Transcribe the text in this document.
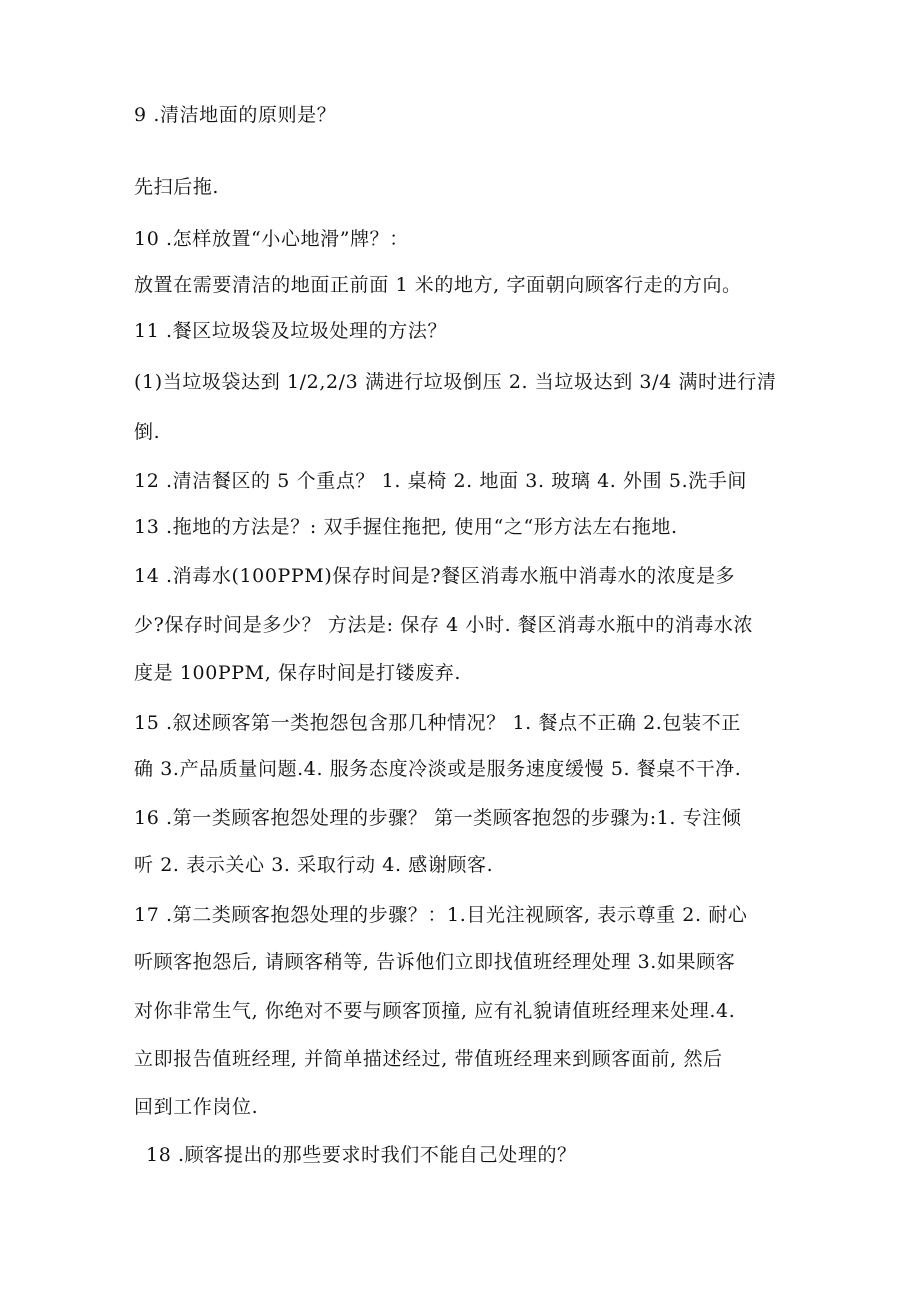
9 .清洁地面的原则是？
先扫后拖.
10 .怎样放置“小心地滑”牌？：
放置在需要清洁的地面正前面 1 米的地方, 字面朝向顾客行走的方向。
11 .餐区垃圾袋及垃圾处理的方法？
(1)当垃圾袋达到 1/2,2/3 满进行垃圾倒压 2. 当垃圾达到 3/4 满时进行清
倒.
12 .清洁餐区的 5 个重点？ 1. 桌椅 2. 地面 3. 玻璃 4. 外围 5.洗手间
13 .拖地的方法是？: 双手握住拖把, 使用“之“形方法左右拖地.
14 .消毒水(100PPM)保存时间是?餐区消毒水瓶中消毒水的浓度是多
少?保存时间是多少？ 方法是: 保存 4 小时. 餐区消毒水瓶中的消毒水浓
度是 100PPM, 保存时间是打镂废弃.
15 .叙述顾客第一类抱怨包含那几种情况？ 1. 餐点不正确 2.包装不正
确 3.产品质量问题.4. 服务态度冷淡或是服务速度缓慢 5. 餐桌不干净.
16 .第一类顾客抱怨处理的步骤？ 第一类顾客抱怨的步骤为:1. 专注倾
听 2. 表示关心 3. 采取行动 4. 感谢顾客.
17 .第二类顾客抱怨处理的步骤？：1.目光注视顾客, 表示尊重 2. 耐心
听顾客抱怨后, 请顾客稍等, 告诉他们立即找值班经理处理 3.如果顾客
对你非常生气, 你绝对不要与顾客顶撞, 应有礼貌请值班经理来处理.4.
立即报告值班经理, 并简单描述经过, 带值班经理来到顾客面前, 然后
回到工作岗位.
18 .顾客提出的那些要求时我们不能自己处理的？
